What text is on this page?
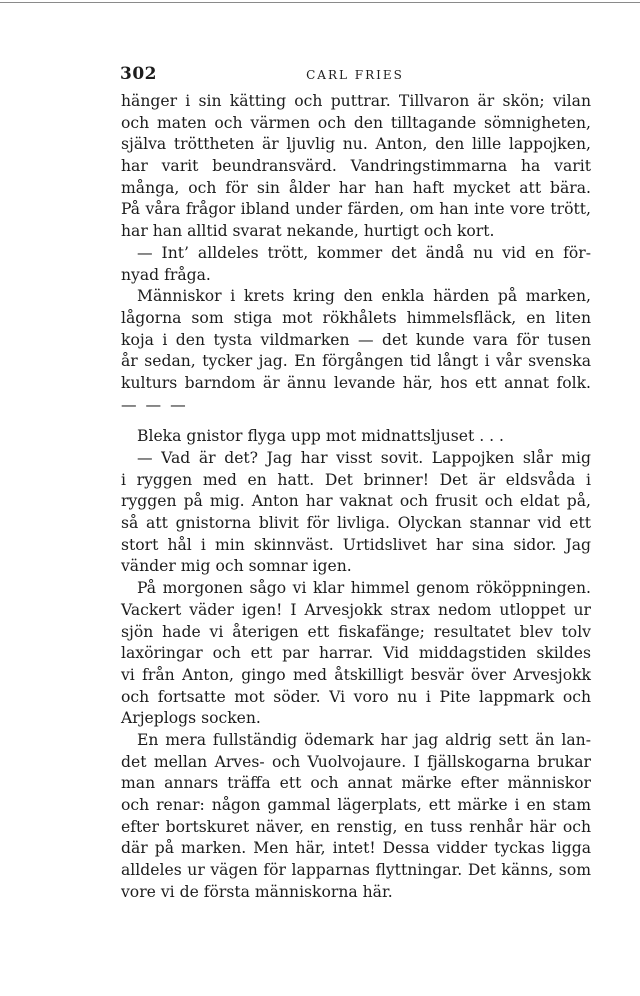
302	CARL FRIES
hänger i sin kätting och puttrar. Tillvaron är skön; vilan
och maten och värmen och den tilltagande sömnigheten,
själva tröttheten är ljuvlig nu. Anton, den lille lappojken,
har varit beundransvärd. Vandringstimmarna ha varit
många, och för sin ålder har han haft mycket att bära.
På våra frågor ibland under färden, om han inte vore trött,
har han alltid svarat nekande, hurtigt och kort.
— Int’ alldeles trött, kommer det ändå nu vid en för-
nyad fråga.
Människor i krets kring den enkla härden på marken,
lågorna som stiga mot rökhålets himmelsfläck, en liten
koja i den tysta vildmarken — det kunde vara för tusen
år sedan, tycker jag. En förgången tid långt i vår svenska
kulturs barndom är ännu levande här, hos ett annat folk.
— — —
Bleka gnistor flyga upp mot midnattsljuset . . .
— Vad är det? Jag har visst sovit. Lappojken slår mig
i ryggen med en hatt. Det brinner! Det är eldsvåda i
ryggen på mig. Anton har vaknat och frusit och eldat på,
så att gnistorna blivit för livliga. Olyckan stannar vid ett
stort hål i min skinnväst. Urtidslivet har sina sidor. Jag
vänder mig och somnar igen.
På morgonen sågo vi klar himmel genom rököppningen.
Vackert väder igen! I Arvesjokk strax nedom utloppet ur
sjön hade vi återigen ett fiskafänge; resultatet blev tolv
laxöringar och ett par harrar. Vid middagstiden skildes
vi från Anton, gingo med åtskilligt besvär över Arvesjokk
och fortsatte mot söder. Vi voro nu i Pite lappmark och
Arjeplogs socken.
En mera fullständig ödemark har jag aldrig sett än lan-
det mellan Arves- och Vuolvojaure. I fjällskogarna brukar
man annars träffa ett och annat märke efter människor
och renar: någon gammal lägerplats, ett märke i en stam
efter bortskuret näver, en renstig, en tuss renhår här och
där på marken. Men här, intet! Dessa vidder tyckas ligga
alldeles ur vägen för lapparnas flyttningar. Det känns, som
vore vi de första människorna här.
